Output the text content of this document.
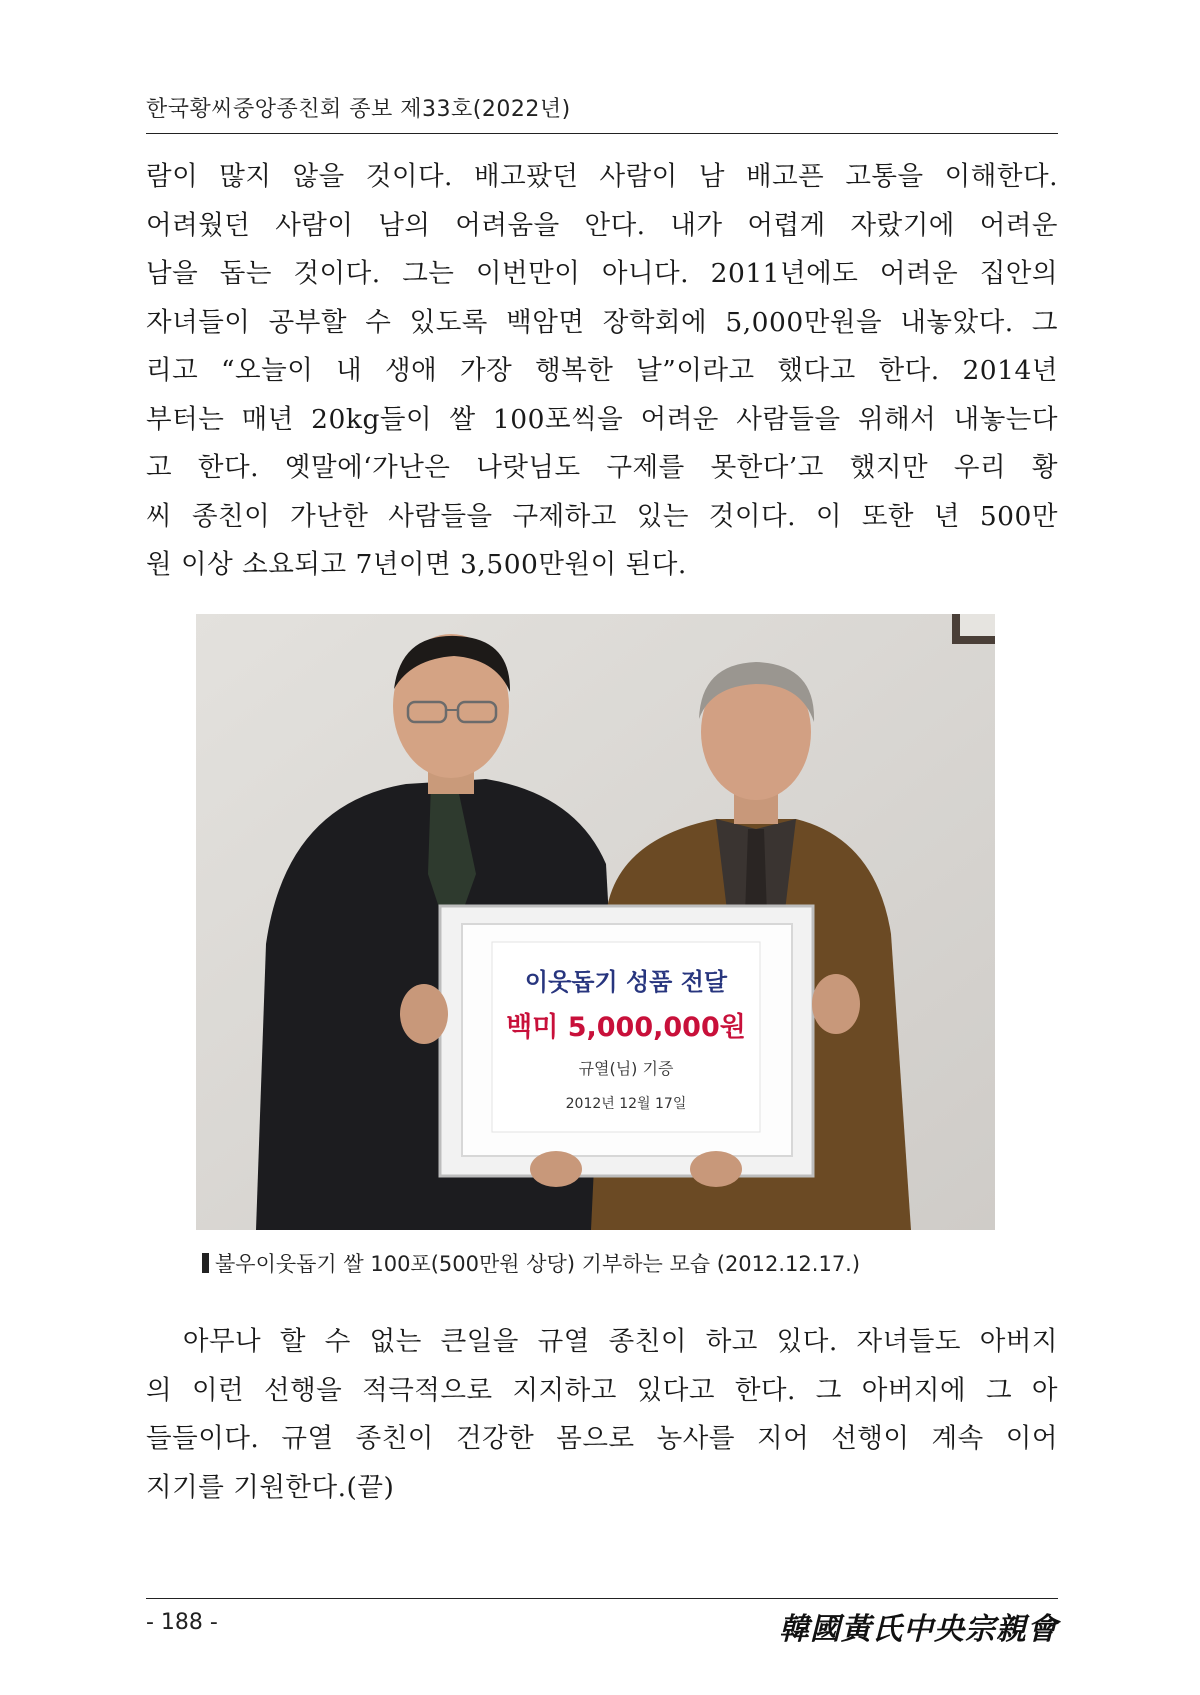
한국황씨중앙종친회 종보 제33호(2022년)

람이 많지 않을 것이다. 배고팠던 사람이 남 배고픈 고통을 이해한다.
어려웠던 사람이 남의 어려움을 안다. 내가 어렵게 자랐기에 어려운
남을 돕는 것이다. 그는 이번만이 아니다. 2011년에도 어려운 집안의
자녀들이 공부할 수 있도록 백암면 장학회에 5,000만원을 내놓았다. 그
리고 “오늘이 내 생애 가장 행복한 날”이라고 했다고 한다. 2014년
부터는 매년 20kg들이 쌀 100포씩을 어려운 사람들을 위해서 내놓는다
고 한다. 옛말에‘가난은 나랏님도 구제를 못한다’고 했지만 우리 황
씨 종친이 가난한 사람들을 구제하고 있는 것이다. 이 또한 년 500만
원 이상 소요되고 7년이면 3,500만원이 된다.

이웃돕기 성품 전달
백미 5,000,000원
규열(님) 기증
2012년 12월 17일
불우이웃돕기 쌀 100포(500만원 상당) 기부하는 모습 (2012.12.17.)

　아무나 할 수 없는 큰일을 규열 종친이 하고 있다. 자녀들도 아버지
의 이런 선행을 적극적으로 지지하고 있다고 한다. 그 아버지에 그 아
들들이다. 규열 종친이 건강한 몸으로 농사를 지어 선행이 계속 이어
지기를 기원한다.(끝)

- 188 -	韓國黃氏中央宗親會
